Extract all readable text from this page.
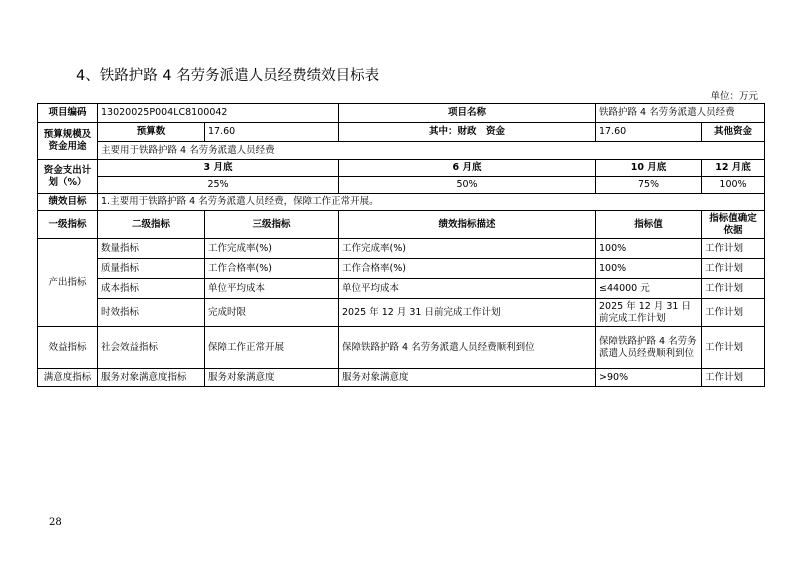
4、铁路护路 4 名劳务派遣人员经费绩效目标表
单位：万元
项目编码	13020025P004LC8100042		项目名称	铁路护路 4 名劳务派遣人员经费	
预算规模及资金用途	预算数	17.60	其中：财政　资金	17.60	其他资金

	主要用于铁路护路 4 名劳务派遣人员经费				
资金支出计划（%）	3 月底		6 月底	10 月底	12 月底
	25%		50%	75%	100%
绩效目标	1.主要用于铁路护路 4 名劳务派遣人员经费，保障工作正常开展。				
一级指标	二级指标	三级指标	绩效指标描述	指标值	指标值确定依据
产出指标	数量指标	工作完成率(%)	工作完成率(%)	100%	工作计划
	质量指标	工作合格率(%)	工作合格率(%)	100%	工作计划
	成本指标	单位平均成本	单位平均成本	≤44000 元	工作计划
	时效指标	完成时限	2025 年 12 月 31 日前完成工作计划	2025 年 12 月 31 日前完成工作计划	工作计划
效益指标	社会效益指标	保障工作正常开展	保障铁路护路 4 名劳务派遣人员经费顺利到位	保障铁路护路 4 名劳务派遣人员经费顺利到位	工作计划
满意度指标	服务对象满意度指标	服务对象满意度	服务对象满意度	>90%	工作计划
28
